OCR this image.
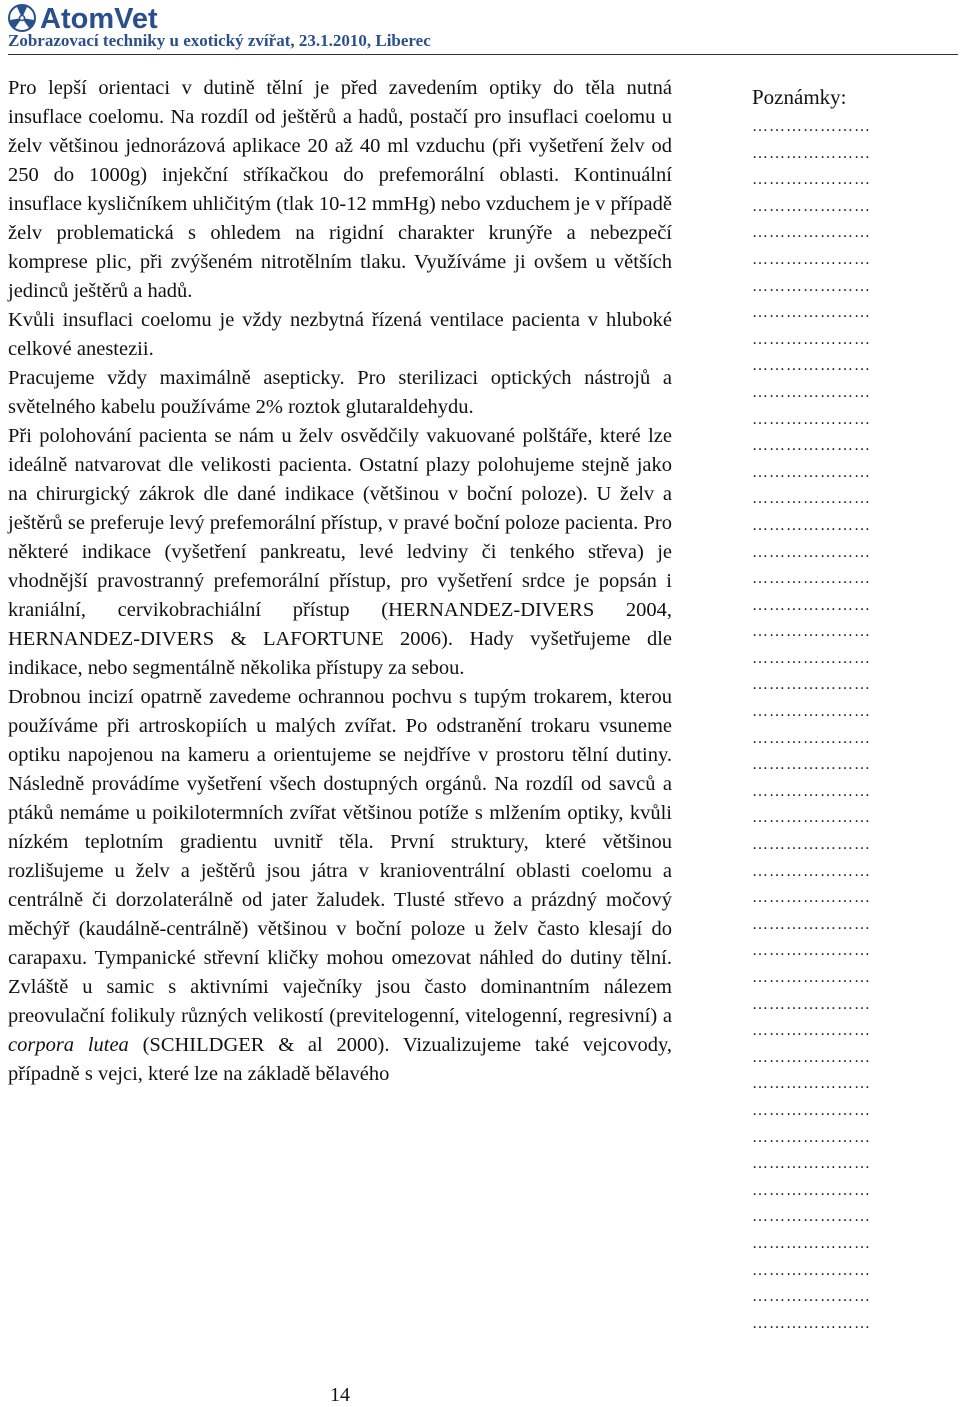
AtomVet
Zobrazovací techniky u exotický zvířat, 23.1.2010, Liberec

Pro lepší orientaci v dutině tělní je před zavedením optiky do těla nutná insuflace coelomu. Na rozdíl od ještěrů a hadů, postačí pro insuflaci coelomu u želv většinou jednorázová aplikace 20 až 40 ml vzduchu (při vyšetření želv od 250 do 1000g) injekční stříkačkou do prefemorální oblasti. Kontinuální insuflace kysličníkem uhličitým (tlak 10-12 mmHg) nebo vzduchem je v případě želv problematická s ohledem na rigidní charakter krunýře a nebezpečí komprese plic, při zvýšeném nitrotělním tlaku. Využíváme ji ovšem u větších jedinců ještěrů a hadů.

Kvůli insuflaci coelomu je vždy nezbytná řízená ventilace pacienta v hluboké celkové anestezii.

Pracujeme vždy maximálně asepticky. Pro sterilizaci optických nástrojů a světelného kabelu používáme 2% roztok glutaraldehydu.

Při polohování pacienta se nám u želv osvědčily vakuované polštáře, které lze ideálně natvarovat dle velikosti pacienta. Ostatní plazy polohujeme stejně jako na chirurgický zákrok dle dané indikace (většinou v boční poloze). U želv a ještěrů se preferuje levý prefemorální přístup, v pravé boční poloze pacienta. Pro některé indikace (vyšetření pankreatu, levé ledviny či tenkého střeva) je vhodnější pravostranný prefemorální přístup, pro vyšetření srdce je popsán i kraniální, cervikobrachiální přístup (HERNANDEZ-DIVERS 2004, HERNANDEZ-DIVERS & LAFORTUNE 2006). Hady vyšetřujeme dle indikace, nebo segmentálně několika přístupy za sebou.

Drobnou incizí opatrně zavedeme ochrannou pochvu s tupým trokarem, kterou používáme při artroskopiích u malých zvířat. Po odstranění trokaru vsuneme optiku napojenou na kameru a orientujeme se nejdříve v prostoru tělní dutiny. Následně provádíme vyšetření všech dostupných orgánů. Na rozdíl od savců a ptáků nemáme u poikilotermních zvířat většinou potíže s mlžením optiky, kvůli nízkém teplotním gradientu uvnitř těla. První struktury, které většinou rozlišujeme u želv a ještěrů jsou játra v kranioventrální oblasti coelomu a centrálně či dorzolaterálně od jater žaludek. Tlusté střevo a prázdný močový měchýř (kaudálně-centrálně) většinou v boční poloze u želv často klesají do carapaxu. Tympanické střevní kličky mohou omezovat náhled do dutiny tělní. Zvláště u samic s aktivními vaječníky jsou často dominantním nálezem preovulační folikuly různých velikostí (previtelogenní, vitelogenní, regresivní) a corpora lutea (SCHILDGER & al 2000). Vizualizujeme také vejcovody, případně s vejci, které lze na základě bělavého

Poznámky:
…………………
…………………
…………………
…………………
…………………
…………………
…………………
…………………
…………………
…………………
…………………
…………………
…………………
…………………
…………………
…………………
…………………
…………………
…………………
…………………
…………………
…………………
…………………
…………………
…………………
…………………
…………………
…………………
…………………
…………………
…………………
…………………
…………………
…………………
…………………
…………………
…………………
…………………
…………………
…………………
…………………
…………………
…………………
…………………
…………………
…………………
14
